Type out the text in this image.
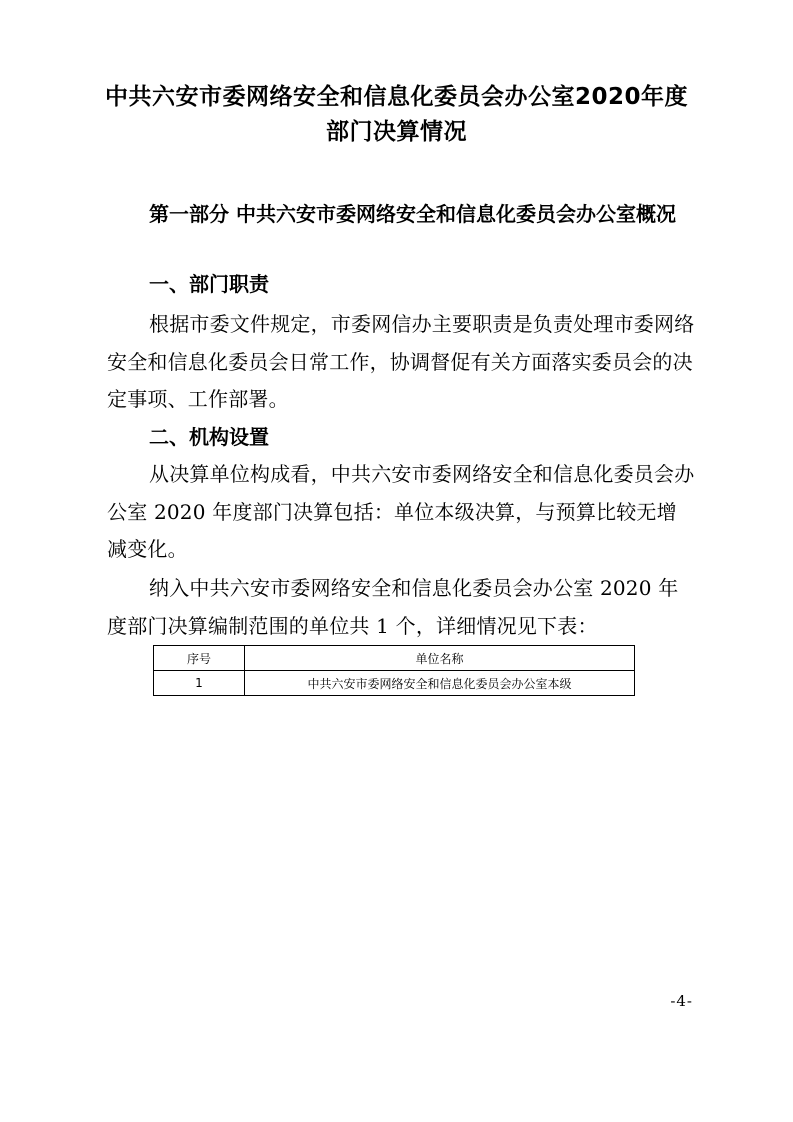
中共六安市委网络安全和信息化委员会办公室2020年度
部门决算情况
第一部分 中共六安市委网络安全和信息化委员会办公室概况
一、部门职责
根据市委文件规定，市委网信办主要职责是负责处理市委网络安全和信息化委员会日常工作，协调督促有关方面落实委员会的决定事项、工作部署。
二、机构设置
从决算单位构成看，中共六安市委网络安全和信息化委员会办公室 2020 年度部门决算包括：单位本级决算，与预算比较无增减变化。
纳入中共六安市委网络安全和信息化委员会办公室 2020 年度部门决算编制范围的单位共 1 个，详细情况见下表：
序号	单位名称
1	中共六安市委网络安全和信息化委员会办公室本级
-4-
